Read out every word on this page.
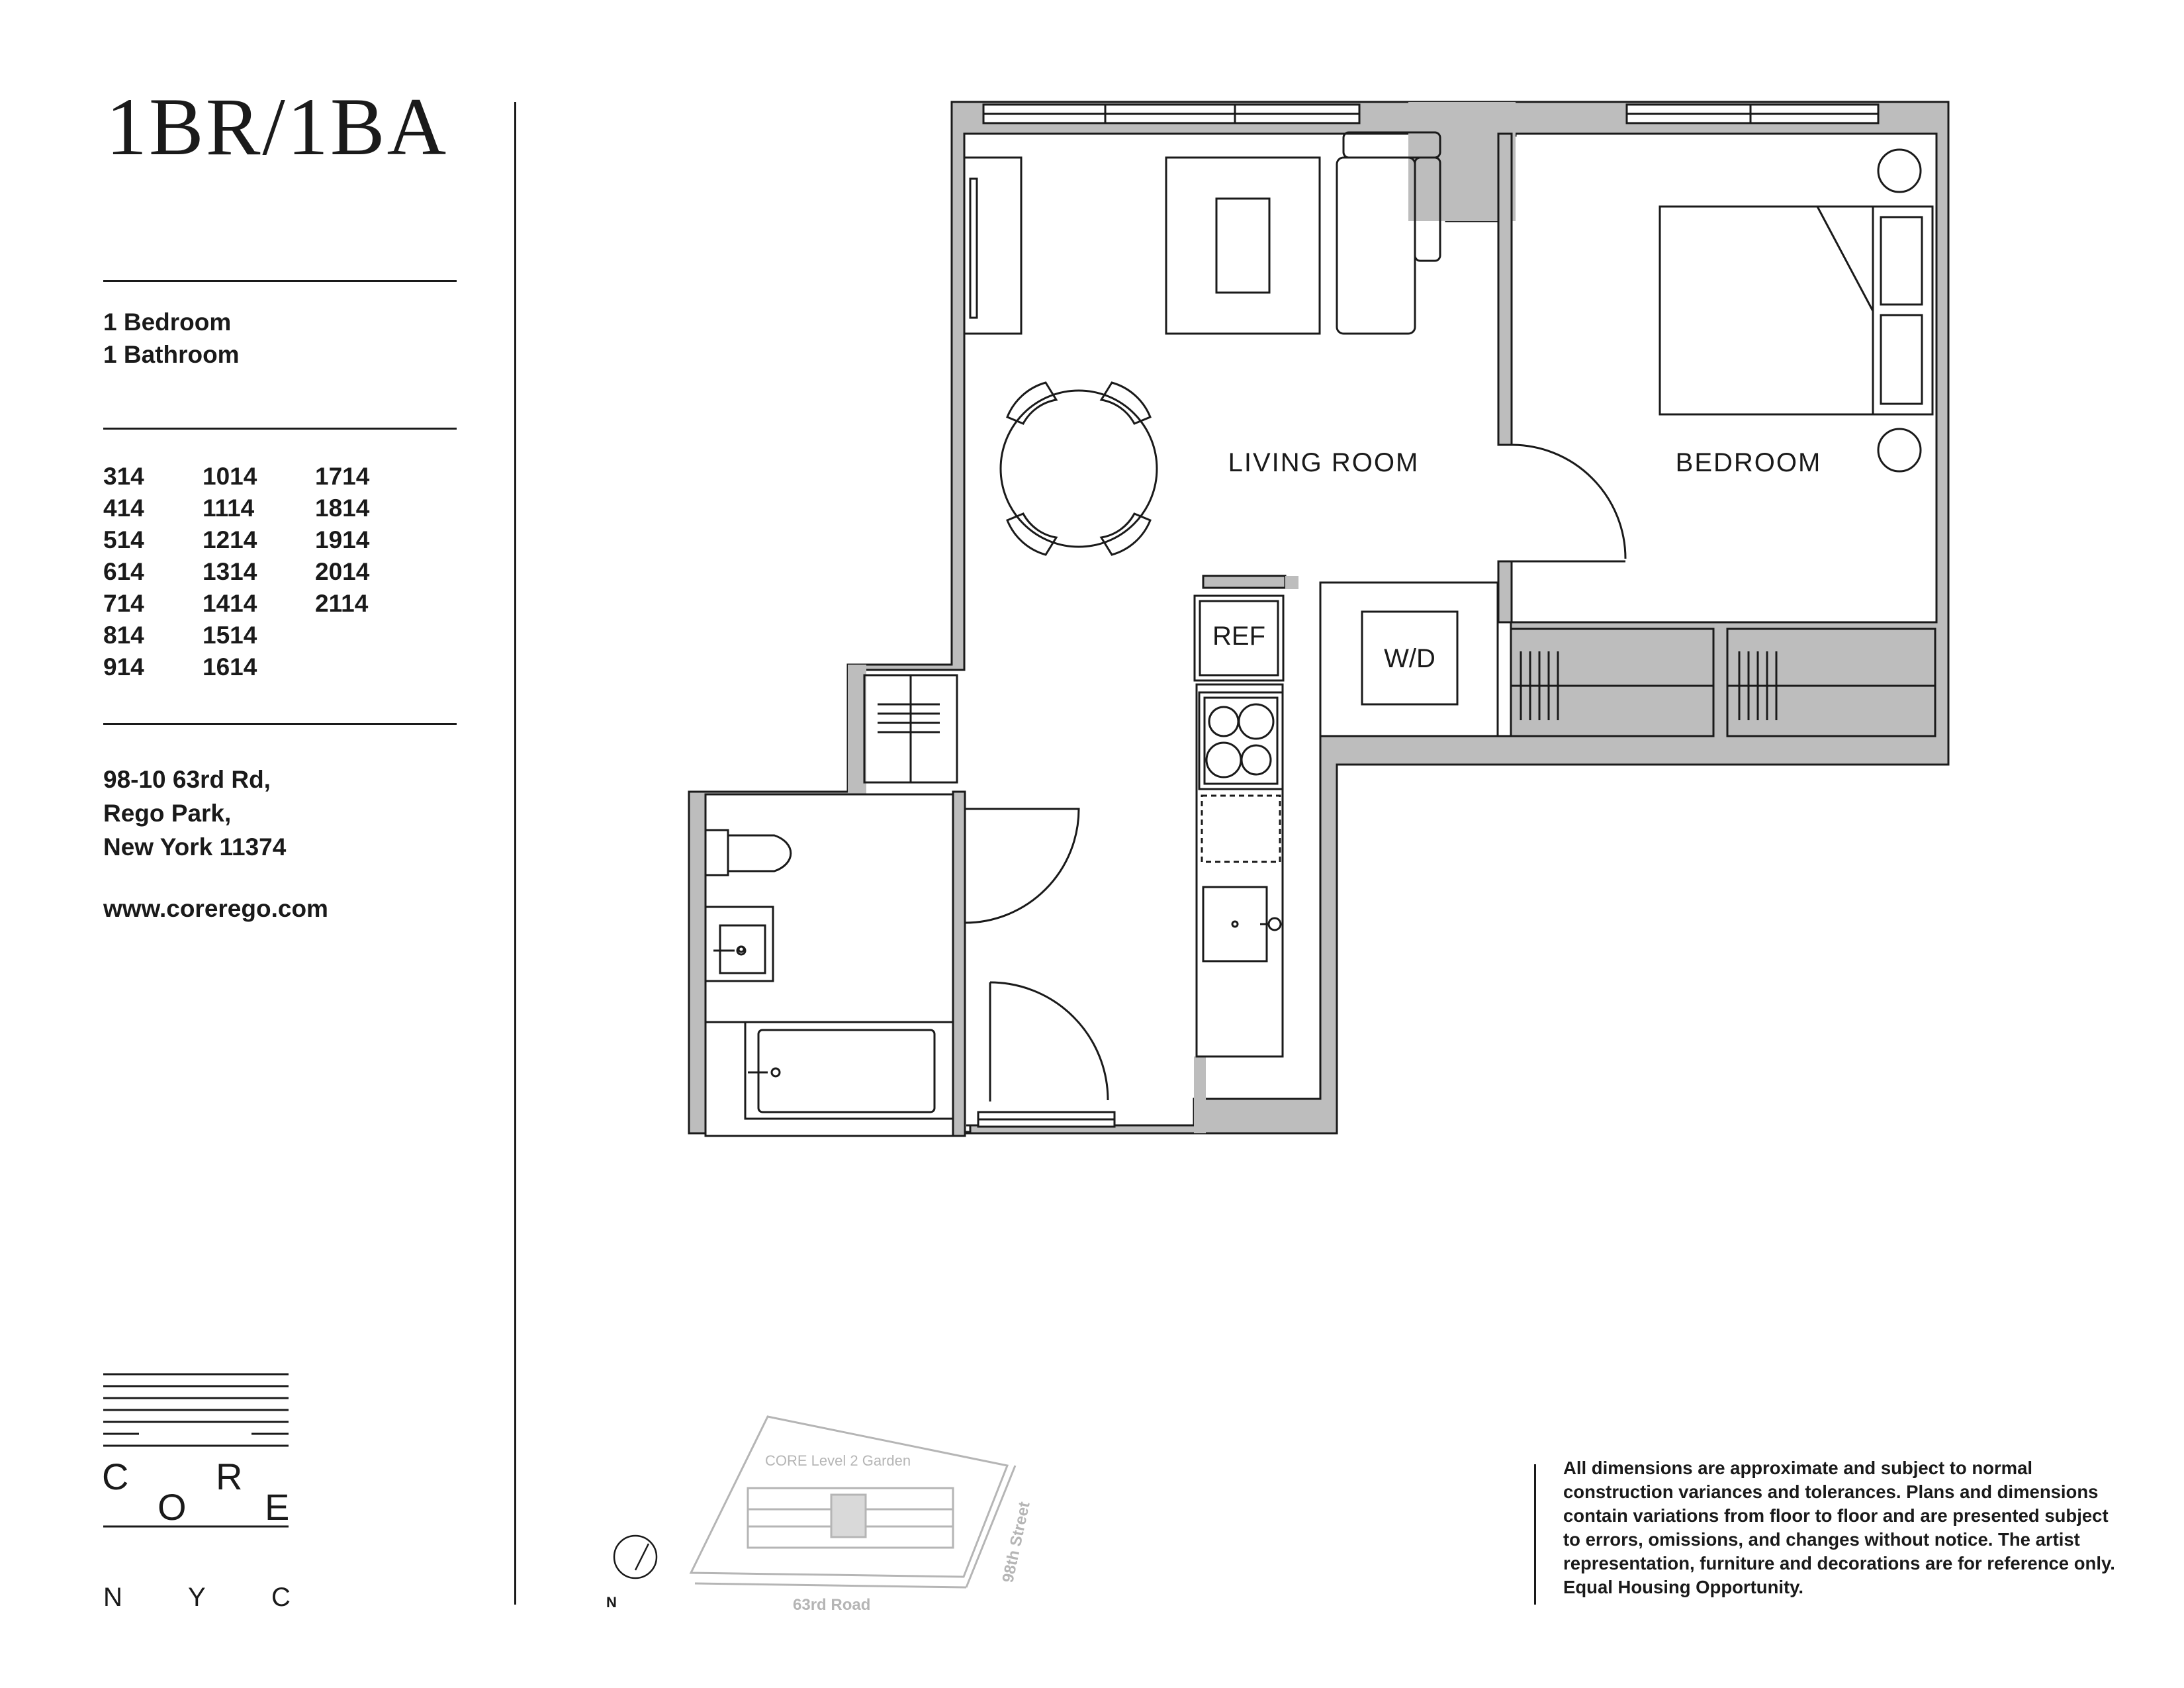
1BR/1BA
1 Bedroom
1 Bathroom
314
414
514
614
714
814
914
1014
1114
1214
1314
1414
1514
1614
1714
1814
1914
2014
2114
98-10 63rd Rd,
Rego Park,
New York 11374
www.corerego.com
C R
O E
N Y C
LIVING ROOM	BEDROOM
REF
W/D
CORE Level 2 Garden
63rd Road
98th Street
N
All dimensions are approximate and subject to normal construction variances and tolerances. Plans and dimensions contain variations from floor to floor and are presented subject to errors, omissions, and changes without notice. The artist representation, furniture and decorations are for reference only. Equal Housing Opportunity.
